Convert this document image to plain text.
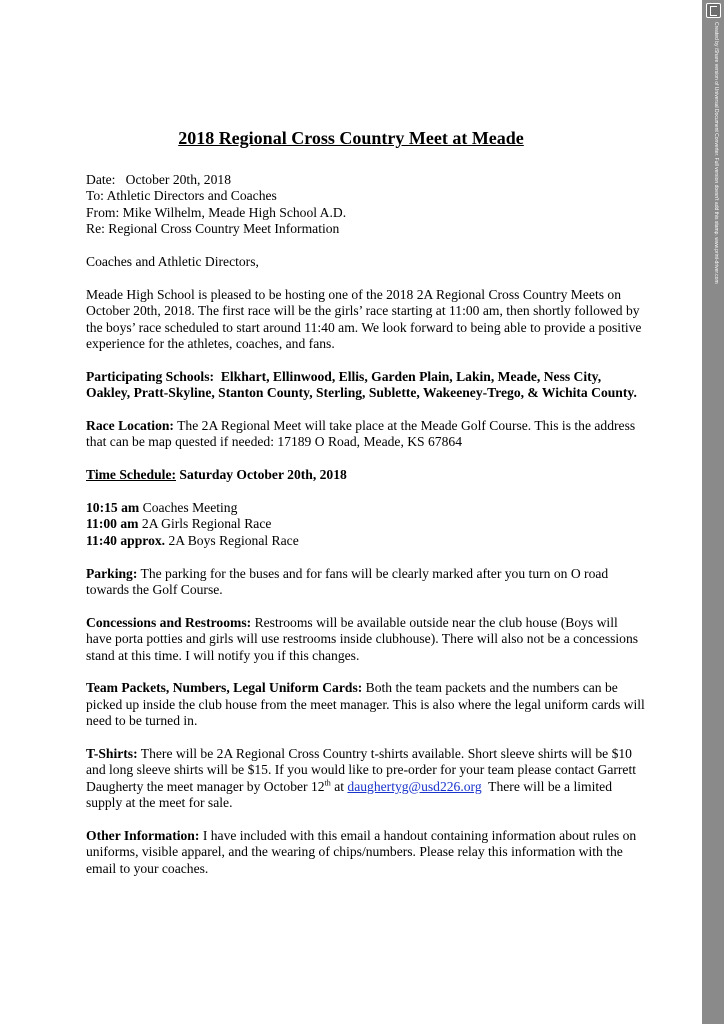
2018 Regional Cross Country Meet at Meade

Date: October 20th, 2018

To: Athletic Directors and Coaches

From: Mike Wilhelm, Meade High School A.D.

Re: Regional Cross Country Meet Information

Coaches and Athletic Directors,

Meade High School is pleased to be hosting one of the 2018 2A Regional Cross Country Meets on October 20th, 2018. The first race will be the girls’ race starting at 11:00 am, then shortly followed by the boys’ race scheduled to start around 11:40 am. We look forward to being able to provide a positive experience for the athletes, coaches, and fans.

Participating Schools: Elkhart, Ellinwood, Ellis, Garden Plain, Lakin, Meade, Ness City, Oakley, Pratt-Skyline, Stanton County, Sterling, Sublette, Wakeeney-Trego, & Wichita County.

Race Location: The 2A Regional Meet will take place at the Meade Golf Course. This is the address that can be map quested if needed: 17189 O Road, Meade, KS 67864

Time Schedule: Saturday October 20th, 2018

10:15 am Coaches Meeting

11:00 am 2A Girls Regional Race

11:40 approx. 2A Boys Regional Race

Parking: The parking for the buses and for fans will be clearly marked after you turn on O road towards the Golf Course.

Concessions and Restrooms: Restrooms will be available outside near the club house (Boys will have porta potties and girls will use restrooms inside clubhouse). There will also not be a concessions stand at this time. I will notify you if this changes.

Team Packets, Numbers, Legal Uniform Cards: Both the team packets and the numbers can be picked up inside the club house from the meet manager. This is also where the legal uniform cards will need to be turned in.

T-Shirts: There will be 2A Regional Cross Country t-shirts available. Short sleeve shirts will be $10 and long sleeve shirts will be $15. If you would like to pre-order for your team please contact Garrett Daugherty the meet manager by October 12th at daughertyg@usd226.org  There will be a limited supply at the meet for sale.

Other Information: I have included with this email a handout containing information about rules on uniforms, visible apparel, and the wearing of chips/numbers. Please relay this information with the email to your coaches.

Created by iShare version of Universal Document Converter. Full version doesn't add this stamp. www.print-driver.com
